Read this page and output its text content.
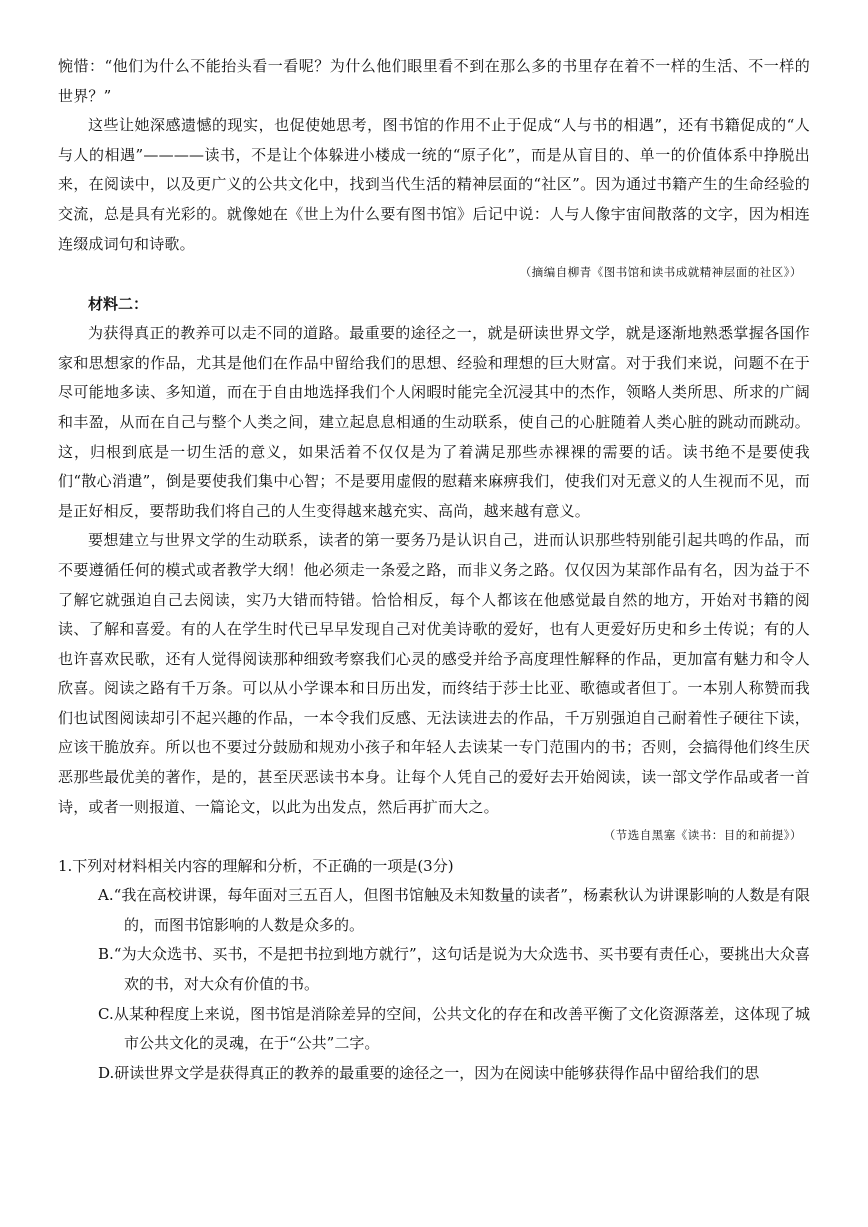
惋惜：“他们为什么不能抬头看一看呢？为什么他们眼里看不到在那么多的书里存在着不一样的生活、不一样的世界？”

这些让她深感遗憾的现实，也促使她思考，图书馆的作用不止于促成“人与书的相遇”，还有书籍促成的“人与人的相遇”————读书，不是让个体躲进小楼成一统的“原子化”，而是从盲目的、单一的价值体系中挣脱出来，在阅读中，以及更广义的公共文化中，找到当代生活的精神层面的“社区”。因为通过书籍产生的生命经验的交流，总是具有光彩的。就像她在《世上为什么要有图书馆》后记中说：人与人像宇宙间散落的文字，因为相连连缀成词句和诗歌。

（摘编自柳青《图书馆和读书成就精神层面的社区》）

材料二：

为获得真正的教养可以走不同的道路。最重要的途径之一，就是研读世界文学，就是逐渐地熟悉掌握各国作家和思想家的作品，尤其是他们在作品中留给我们的思想、经验和理想的巨大财富。对于我们来说，问题不在于尽可能地多读、多知道，而在于自由地选择我们个人闲暇时能完全沉浸其中的杰作，领略人类所思、所求的广阔和丰盈，从而在自己与整个人类之间，建立起息息相通的生动联系，使自己的心脏随着人类心脏的跳动而跳动。这，归根到底是一切生活的意义，如果活着不仅仅是为了着满足那些赤裸裸的需要的话。读书绝不是要使我们“散心消遣”，倒是要使我们集中心智；不是要用虚假的慰藉来麻痹我们，使我们对无意义的人生视而不见，而是正好相反，要帮助我们将自己的人生变得越来越充实、高尚，越来越有意义。

要想建立与世界文学的生动联系，读者的第一要务乃是认识自己，进而认识那些特别能引起共鸣的作品，而不要遵循任何的模式或者教学大纲！他必须走一条爱之路，而非义务之路。仅仅因为某部作品有名，因为益于不了解它就强迫自己去阅读，实乃大错而特错。恰恰相反，每个人都该在他感觉最自然的地方，开始对书籍的阅读、了解和喜爱。有的人在学生时代已早早发现自己对优美诗歌的爱好，也有人更爱好历史和乡土传说；有的人也许喜欢民歌，还有人觉得阅读那种细致考察我们心灵的感受并给予高度理性解释的作品，更加富有魅力和令人欣喜。阅读之路有千万条。可以从小学课本和日历出发，而终结于莎士比亚、歌德或者但丁。一本别人称赞而我们也试图阅读却引不起兴趣的作品，一本令我们反感、无法读进去的作品，千万别强迫自己耐着性子硬往下读，应该干脆放弃。所以也不要过分鼓励和规劝小孩子和年轻人去读某一专门范围内的书；否则，会搞得他们终生厌恶那些最优美的著作，是的，甚至厌恶读书本身。让每个人凭自己的爱好去开始阅读，读一部文学作品或者一首诗，或者一则报道、一篇论文，以此为出发点，然后再扩而大之。

（节选自黑塞《读书：目的和前提》）

1.下列对材料相关内容的理解和分析，不正确的一项是(3分)

A.“我在高校讲课，每年面对三五百人，但图书馆触及未知数量的读者”，杨素秋认为讲课影响的人数是有限的，而图书馆影响的人数是众多的。

B.“为大众选书、买书，不是把书拉到地方就行”，这句话是说为大众选书、买书要有责任心，要挑出大众喜欢的书，对大众有价值的书。

C.从某种程度上来说，图书馆是消除差异的空间，公共文化的存在和改善平衡了文化资源落差，这体现了城市公共文化的灵魂，在于“公共”二字。

D.研读世界文学是获得真正的教养的最重要的途径之一，因为在阅读中能够获得作品中留给我们的思
